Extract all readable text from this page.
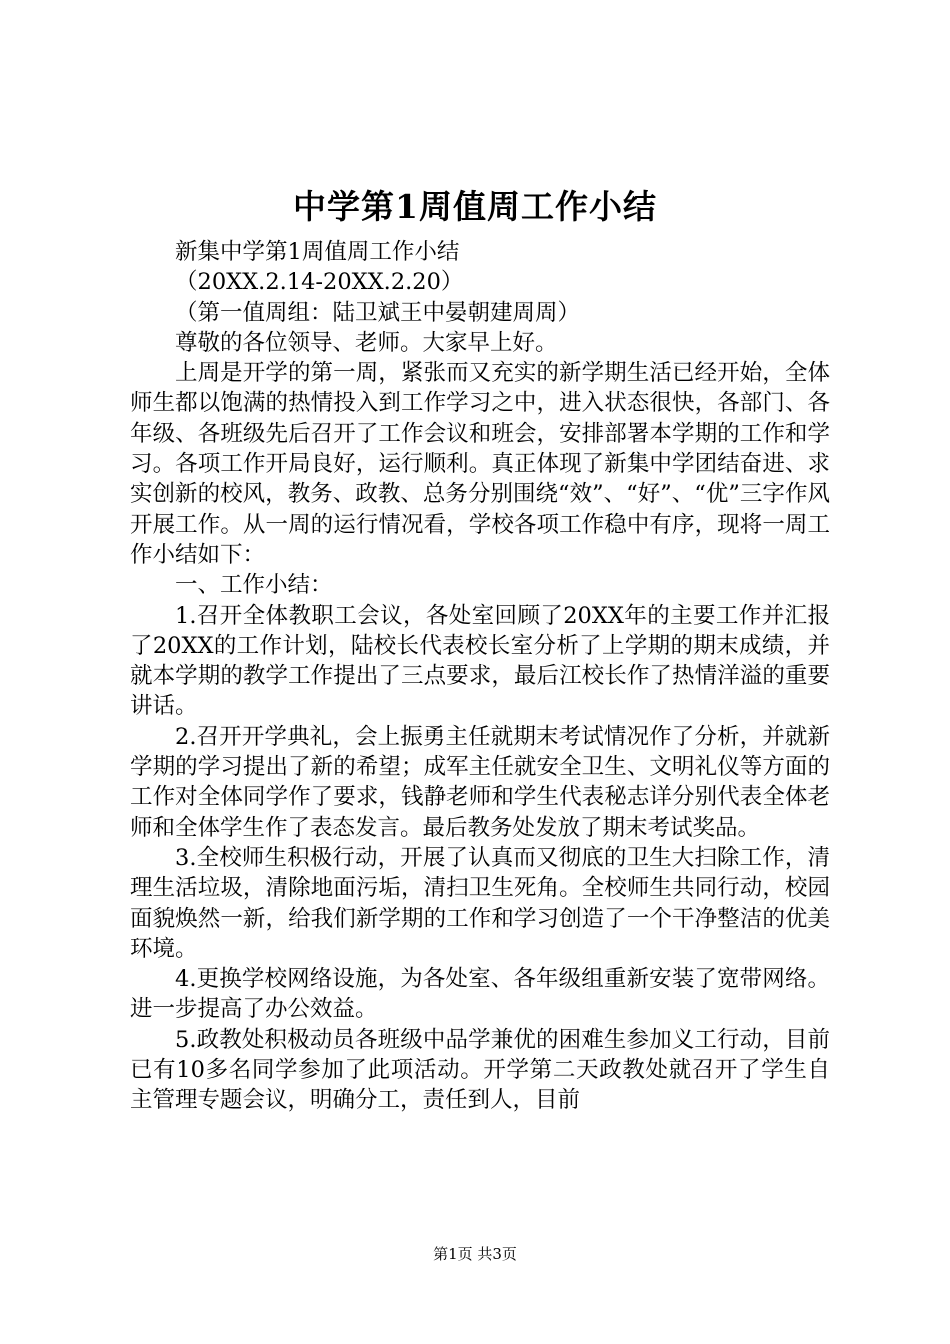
中学第1周值周工作小结

新集中学第1周值周工作小结

（20XX.2.14-20XX.2.20）

（第一值周组：陆卫斌王中晏朝建周周）

尊敬的各位领导、老师。大家早上好。

上周是开学的第一周，紧张而又充实的新学期生活已经开始，全体师生都以饱满的热情投入到工作学习之中，进入状态很快，各部门、各年级、各班级先后召开了工作会议和班会，安排部署本学期的工作和学习。各项工作开局良好，运行顺利。真正体现了新集中学团结奋进、求实创新的校风，教务、政教、总务分别围绕“效”、“好”、“优”三字作风开展工作。从一周的运行情况看，学校各项工作稳中有序，现将一周工作小结如下：

一、工作小结：

1.召开全体教职工会议，各处室回顾了20XX年的主要工作并汇报了20XX的工作计划，陆校长代表校长室分析了上学期的期末成绩，并就本学期的教学工作提出了三点要求，最后江校长作了热情洋溢的重要讲话。

2.召开开学典礼，会上振勇主任就期末考试情况作了分析，并就新学期的学习提出了新的希望；成军主任就安全卫生、文明礼仪等方面的工作对全体同学作了要求，钱静老师和学生代表秘志详分别代表全体老师和全体学生作了表态发言。最后教务处发放了期末考试奖品。

3.全校师生积极行动，开展了认真而又彻底的卫生大扫除工作，清理生活垃圾，清除地面污垢，清扫卫生死角。全校师生共同行动，校园面貌焕然一新，给我们新学期的工作和学习创造了一个干净整洁的优美环境。

4.更换学校网络设施，为各处室、各年级组重新安装了宽带网络。进一步提高了办公效益。

5.政教处积极动员各班级中品学兼优的困难生参加义工行动，目前已有10多名同学参加了此项活动。开学第二天政教处就召开了学生自主管理专题会议，明确分工，责任到人，目前

第1页 共3页
